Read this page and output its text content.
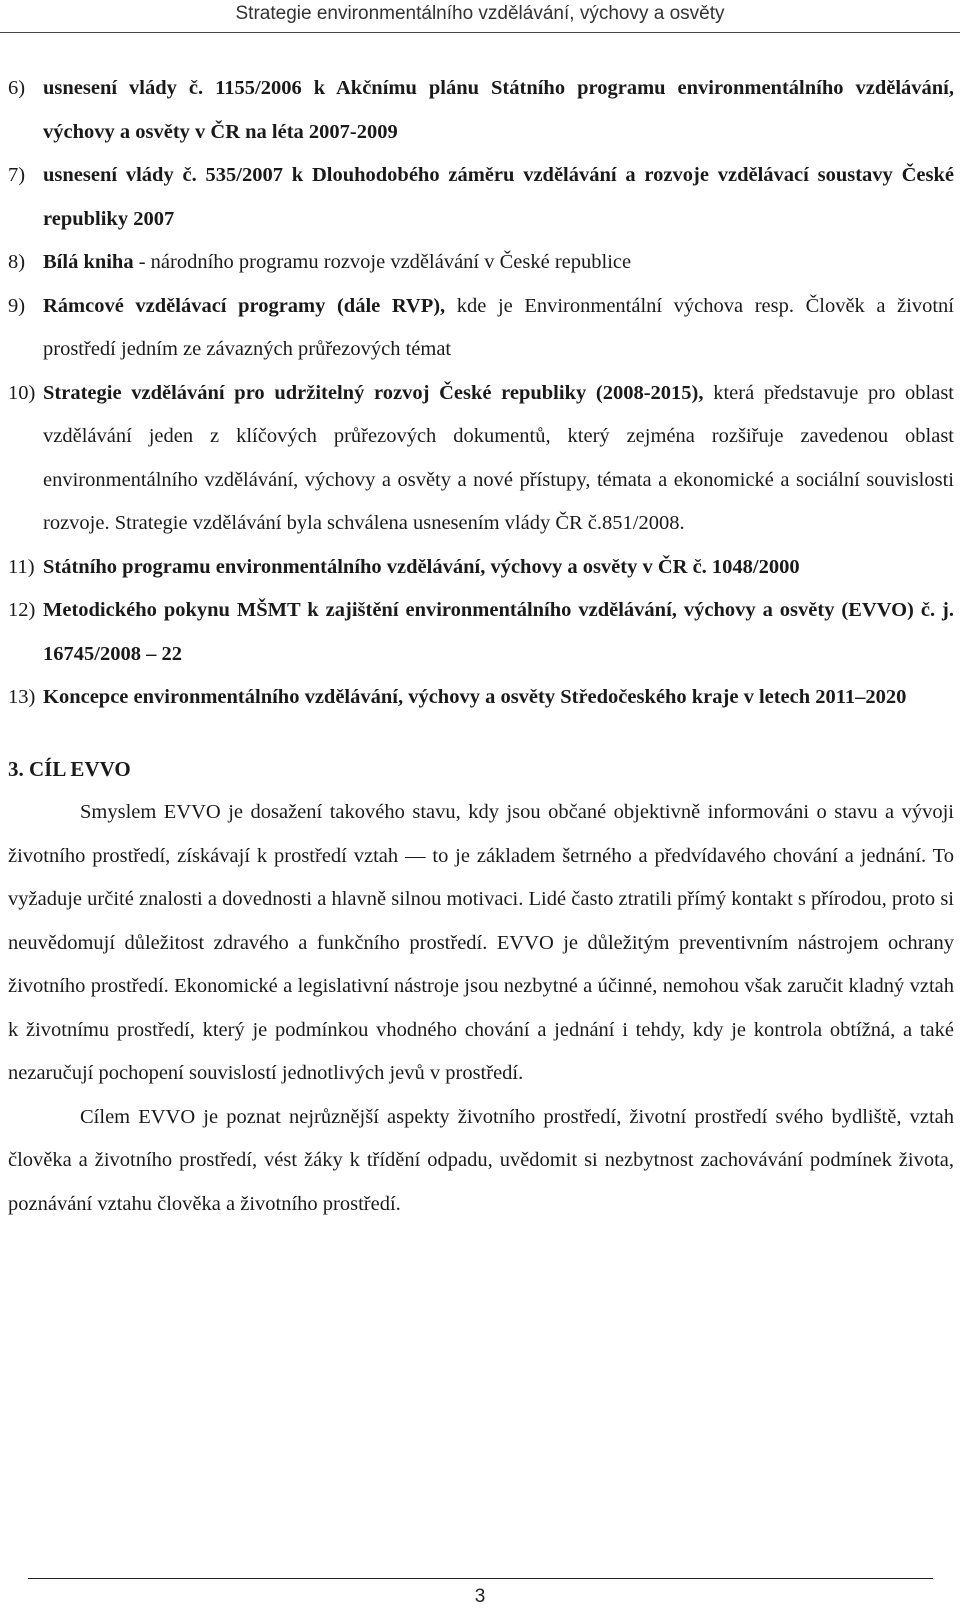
Strategie environmentálního vzdělávání, výchovy a osvěty
6) usnesení vlády č. 1155/2006 k Akčnímu plánu Státního programu environmentálního vzdělávání, výchovy a osvěty v ČR na léta 2007-2009
7) usnesení vlády č. 535/2007 k Dlouhodobého záměru vzdělávání a rozvoje vzdělávací soustavy České republiky 2007
8) Bílá kniha - národního programu rozvoje vzdělávání v České republice
9) Rámcové vzdělávací programy (dále RVP), kde je Environmentální výchova resp. Člověk a životní prostředí jedním ze závazných průřezových témat
10) Strategie vzdělávání pro udržitelný rozvoj České republiky (2008-2015), která představuje pro oblast vzdělávání jeden z klíčových průřezových dokumentů, který zejména rozšiřuje zavedenou oblast environmentálního vzdělávání, výchovy a osvěty a nové přístupy, témata a ekonomické a sociální souvislosti rozvoje. Strategie vzdělávání byla schválena usnesením vlády ČR č.851/2008.
11) Státního programu environmentálního vzdělávání, výchovy a osvěty v ČR č. 1048/2000
12) Metodického pokynu MŠMT k zajištění environmentálního vzdělávání, výchovy a osvěty (EVVO) č. j. 16745/2008 – 22
13) Koncepce environmentálního vzdělávání, výchovy a osvěty Středočeského kraje v letech 2011–2020
3. CÍL EVVO

Smyslem EVVO je dosažení takového stavu, kdy jsou občané objektivně informováni o stavu a vývoji životního prostředí, získávají k prostředí vztah — to je základem šetrného a předvídavého chování a jednání. To vyžaduje určité znalosti a dovednosti a hlavně silnou motivaci. Lidé často ztratili přímý kontakt s přírodou, proto si neuvědomují důležitost zdravého a funkčního prostředí. EVVO je důležitým preventivním nástrojem ochrany životního prostředí. Ekonomické a legislativní nástroje jsou nezbytné a účinné, nemohou však zaručit kladný vztah k životnímu prostředí, který je podmínkou vhodného chování a jednání i tehdy, kdy je kontrola obtížná, a také nezaručují pochopení souvislostí jednotlivých jevů v prostředí.

Cílem EVVO je poznat nejrůznější aspekty životního prostředí, životní prostředí svého bydliště, vztah člověka a životního prostředí, vést žáky k třídění odpadu, uvědomit si nezbytnost zachovávání podmínek života, poznávání vztahu člověka a životního prostředí.

3
